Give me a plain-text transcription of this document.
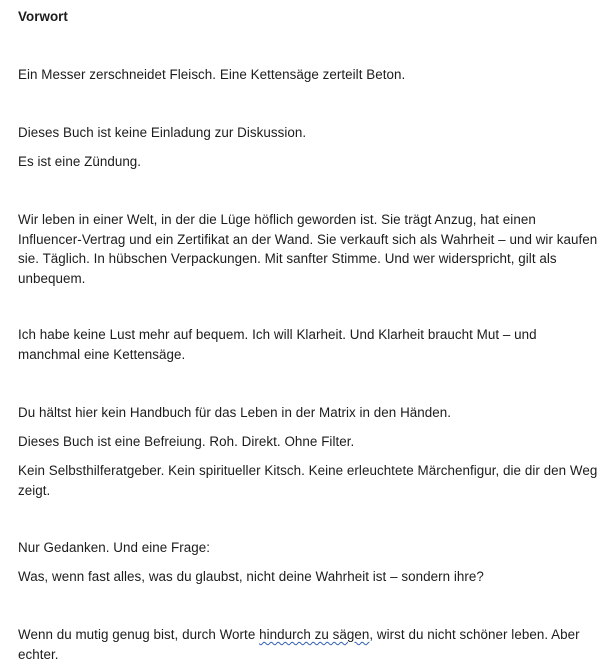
Vorwort
Ein Messer zerschneidet Fleisch. Eine Kettensäge zerteilt Beton.
Dieses Buch ist keine Einladung zur Diskussion.
Es ist eine Zündung.
Wir leben in einer Welt, in der die Lüge höflich geworden ist. Sie trägt Anzug, hat einen
Influencer-Vertrag und ein Zertifikat an der Wand. Sie verkauft sich als Wahrheit – und wir kaufen
sie. Täglich. In hübschen Verpackungen. Mit sanfter Stimme. Und wer widerspricht, gilt als
unbequem.
Ich habe keine Lust mehr auf bequem. Ich will Klarheit. Und Klarheit braucht Mut – und
manchmal eine Kettensäge.
Du hältst hier kein Handbuch für das Leben in der Matrix in den Händen.
Dieses Buch ist eine Befreiung. Roh. Direkt. Ohne Filter.
Kein Selbsthilferatgeber. Kein spiritueller Kitsch. Keine erleuchtete Märchenfigur, die dir den Weg
zeigt.
Nur Gedanken. Und eine Frage:
Was, wenn fast alles, was du glaubst, nicht deine Wahrheit ist – sondern ihre?
Wenn du mutig genug bist, durch Worte hindurch zu sägen, wirst du nicht schöner leben. Aber
echter.
